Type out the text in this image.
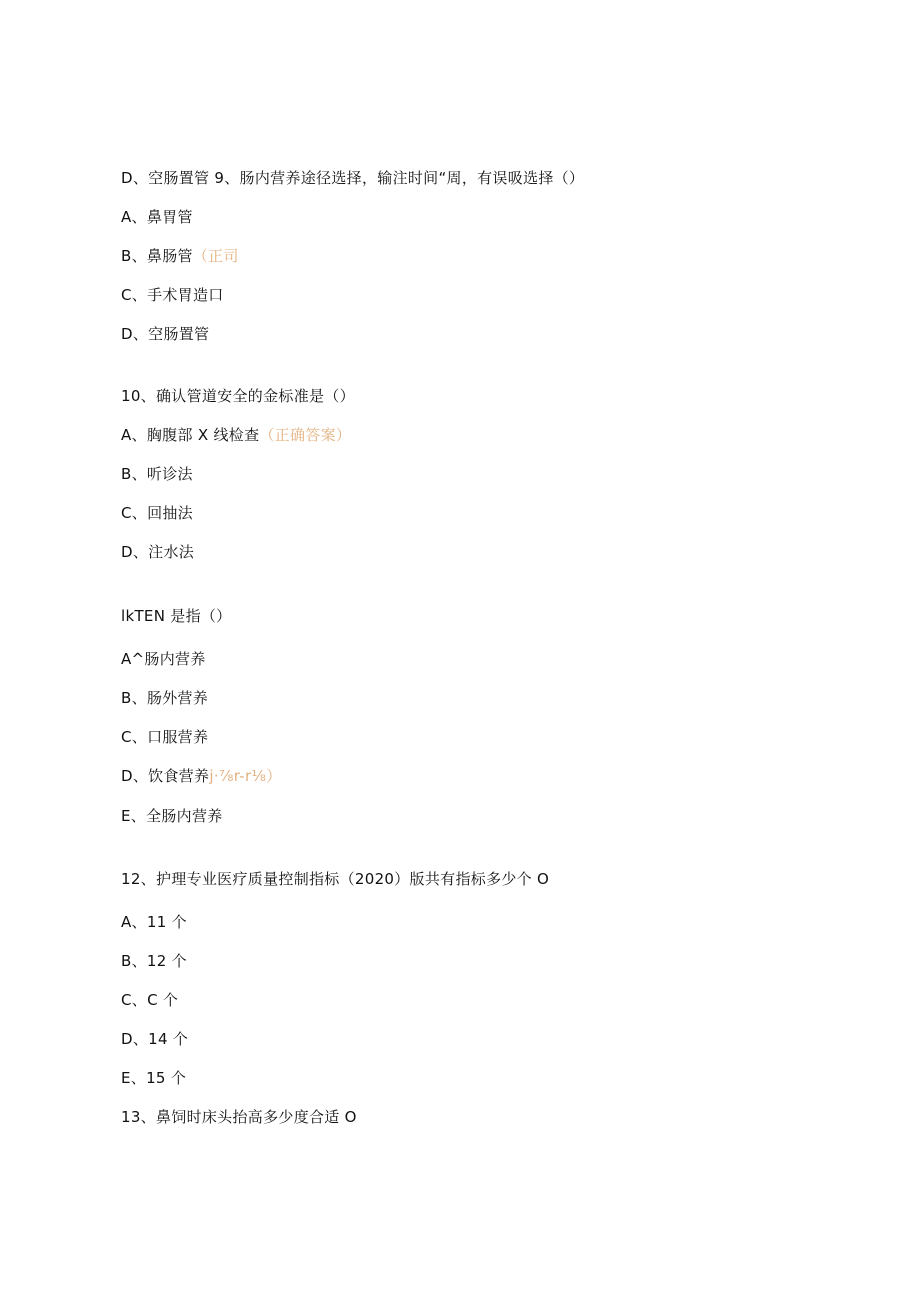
D、空肠置管 9、肠内营养途径选择，输注时间“周，有误吸选择（）
A、鼻胃管
B、鼻肠管（正司
C、手术胃造口
D、空肠置管
10、确认管道安全的金标准是（）
A、胸腹部 X 线检查（正确答案）
B、听诊法
C、回抽法
D、注水法
lkTEN 是指（）
A^肠内营养
B、肠外营养
C、口服营养
D、饮食营养j·⅞r-r⅛）
E、全肠内营养
12、护理专业医疗质量控制指标（2020）版共有指标多少个 O
A、11 个
B、12 个
C、C 个
D、14 个
E、15 个
13、鼻饲时床头抬高多少度合适 O
